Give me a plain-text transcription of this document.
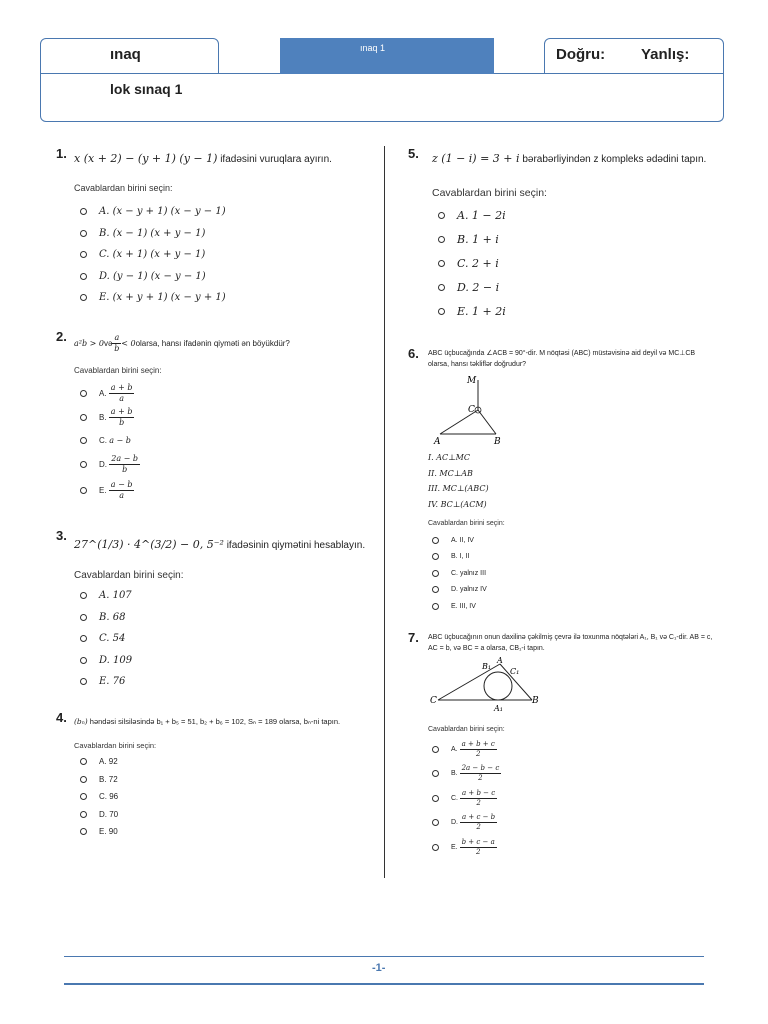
ınaq	ınaq 1	Doğru: Yanlış:
lok sınaq 1
1. x (x + 2) − (y + 1) (y − 1) ifadəsini vuruqlara ayırın.
Cavablardan birini seçin:
A. (x − y + 1) (x − y − 1)
B. (x − 1) (x + y − 1)
C. (x + 1) (x + y − 1)
D. (y − 1) (x − y − 1)
E. (x + y + 1) (x − y + 1)
2. a²b > 0 və $\frac{a}{b} < 0$ olarsa, hansı ifadənin qiyməti ən böyükdür?
Cavablardan birini seçin:
A.
$\frac{a + b}{a}$
B.
$\frac{a + b}{b}$
C.
a − b
D.
$\frac{2a - b}{b}$
E.
$\frac{a - b}{a}$
3.
27^(1/3) · 4^(3/2) − 0, 5⁻² ifadəsinin qiymətini hesablayın.
Cavablardan birini seçin:
A. 107
B. 68
C. 54
D. 109
E. 76
4. (bₙ) həndəsi silsiləsində b₁ + b₅ = 51, b₂ + b₆ = 102, Sₙ = 189 olarsa, bₙ-ni tapın.
Cavablardan birini seçin:
A. 92
B. 72
C. 96
D. 70
E. 90
5. z (1 − i) = 3 + i bərabərliyindən z kompleks ədədini tapın.
Cavablardan birini seçin:
A. 1 − 2i
B. 1 + i
C. 2 + i
D. 2 − i
E. 1 + 2i
6. ABC üçbucağında ∠ACB = 90°-dir. M nöqtəsi (ABC) müstəvisinə aid deyil və MC⊥CB
olarsa, hansı təkliflər doğrudur?
M
C
A	B
I. AC⊥MC
II. MC⊥AB
III. MC⊥(ABC)
IV. BC⊥(ACM)
Cavablardan birini seçin:
A. II, IV
B. I, II
C. yalnız III
D. yalnız IV
E. III, IV
7. ABC üçbucağının onun daxilinə çəkilmiş çevrə ilə toxunma nöqtələri A₁, B₁ və C₁-dir. AB = c,
AC = b, və BC = a olarsa, CB₁-i tapın.
B₁
A
C₁
C	B
A₁
Cavablardan birini seçin:
A.
$\frac{a + b + c}{2}$
B.
$\frac{2a - b - c}{2}$
C.
$\frac{a + b - c}{2}$
D.
$\frac{a + c - b}{2}$
E.
$\frac{b + c - a}{2}$
-1-
